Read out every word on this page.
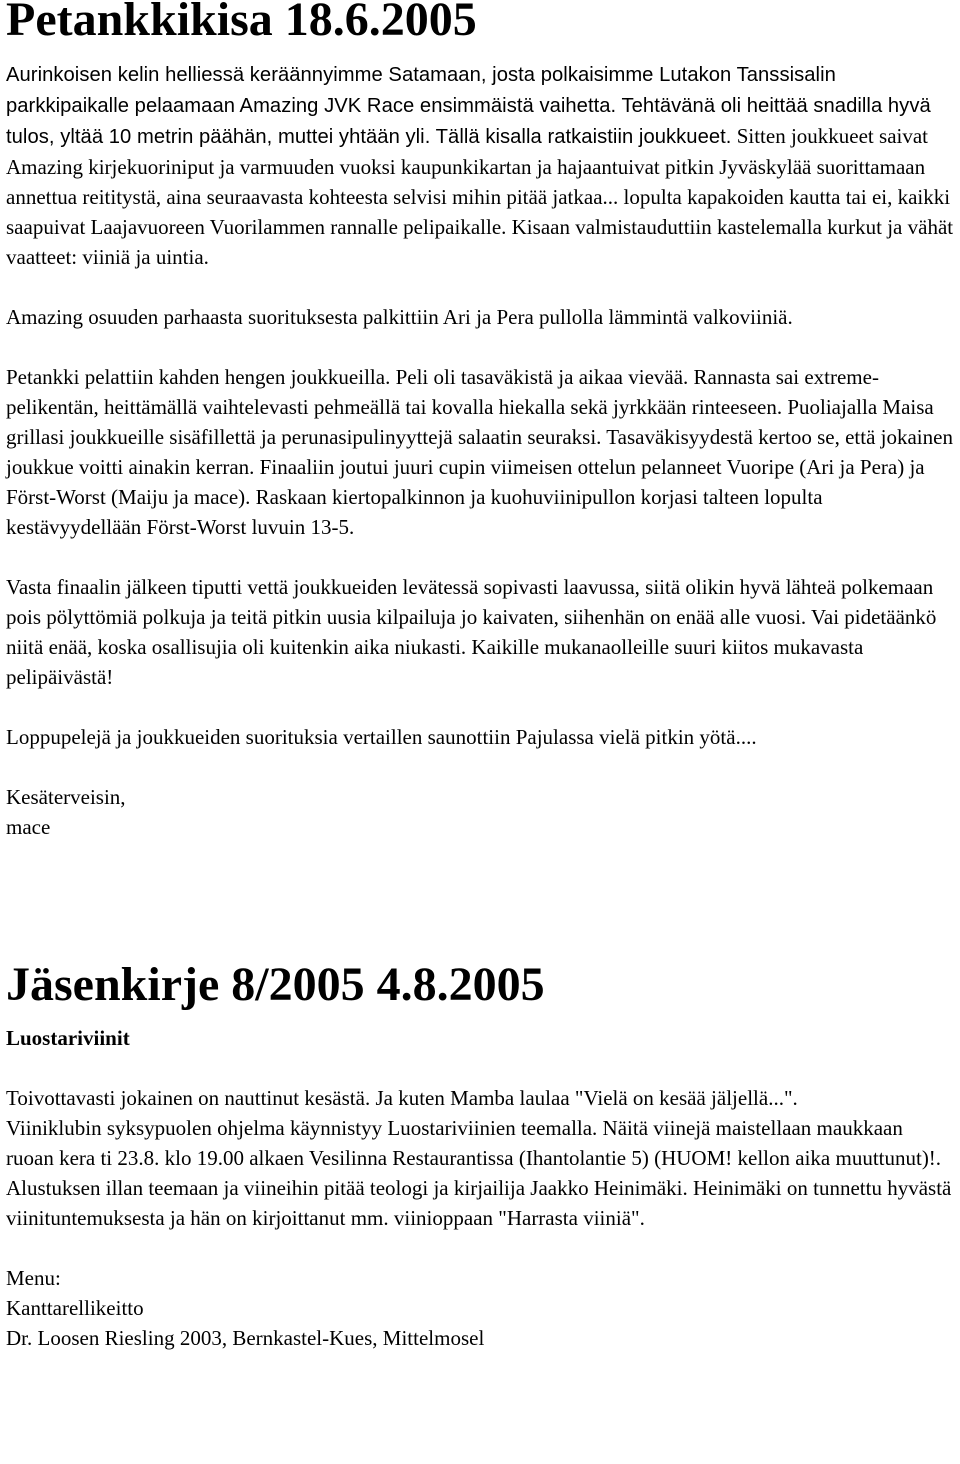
Petankkikisa 18.6.2005

Aurinkoisen kelin helliessä keräännyimme Satamaan, josta polkaisimme Lutakon Tanssisalin parkkipaikalle pelaamaan Amazing JVK Race ensimmäistä vaihetta. Tehtävänä oli heittää snadilla hyvä tulos, yltää 10 metrin päähän, muttei yhtään yli. Tällä kisalla ratkaistiin joukkueet. Sitten joukkueet saivat Amazing kirjekuoriniput ja varmuuden vuoksi kaupunkikartan ja hajaantuivat pitkin Jyväskylää suorittamaan annettua reititystä, aina seuraavasta kohteesta selvisi mihin pitää jatkaa... lopulta kapakoiden kautta tai ei, kaikki saapuivat Laajavuoreen Vuorilammen rannalle pelipaikalle. Kisaan valmistauduttiin kastelemalla kurkut ja vähät vaatteet: viiniä ja uintia.

Amazing osuuden parhaasta suorituksesta palkittiin Ari ja Pera pullolla lämmintä valkoviiniä.

Petankki pelattiin kahden hengen joukkueilla. Peli oli tasaväkistä ja aikaa vievää. Rannasta sai extreme-pelikentän, heittämällä vaihtelevasti pehmeällä tai kovalla hiekalla sekä jyrkkään rinteeseen. Puoliajalla Maisa grillasi joukkueille sisäfillettä ja perunasipulinyyttejä salaatin seuraksi. Tasaväkisyydestä kertoo se, että jokainen joukkue voitti ainakin kerran. Finaaliin joutui juuri cupin viimeisen ottelun pelanneet Vuoripe (Ari ja Pera) ja Först-Worst (Maiju ja mace). Raskaan kiertopalkinnon ja kuohuviinipullon korjasi talteen lopulta kestävyydellään Först-Worst luvuin 13-5.

Vasta finaalin jälkeen tiputti vettä joukkueiden levätessä sopivasti laavussa, siitä olikin hyvä lähteä polkemaan pois pölyttömiä polkuja ja teitä pitkin uusia kilpailuja jo kaivaten, siihenhän on enää alle vuosi. Vai pidetäänkö niitä enää, koska osallisujia oli kuitenkin aika niukasti. Kaikille mukanaolleille suuri kiitos mukavasta pelipäivästä!

Loppupelejä ja joukkueiden suorituksia vertaillen saunottiin Pajulassa vielä pitkin yötä....

Kesäterveisin,

mace

Jäsenkirje 8/2005 4.8.2005

Luostariviinit

Toivottavasti jokainen on nauttinut kesästä. Ja kuten Mamba laulaa "Vielä on kesää jäljellä...".

Viiniklubin syksypuolen ohjelma käynnistyy Luostariviinien teemalla. Näitä viinejä maistellaan maukkaan ruoan kera ti 23.8. klo 19.00 alkaen Vesilinna Restaurantissa (Ihantolantie 5) (HUOM! kellon aika muuttunut)!. Alustuksen illan teemaan ja viineihin pitää teologi ja kirjailija Jaakko Heinimäki. Heinimäki on tunnettu hyvästä viinituntemuksesta ja hän on kirjoittanut mm. viinioppaan "Harrasta viiniä".

Menu:

Kanttarellikeitto

Dr. Loosen Riesling 2003, Bernkastel-Kues, Mittelmosel
